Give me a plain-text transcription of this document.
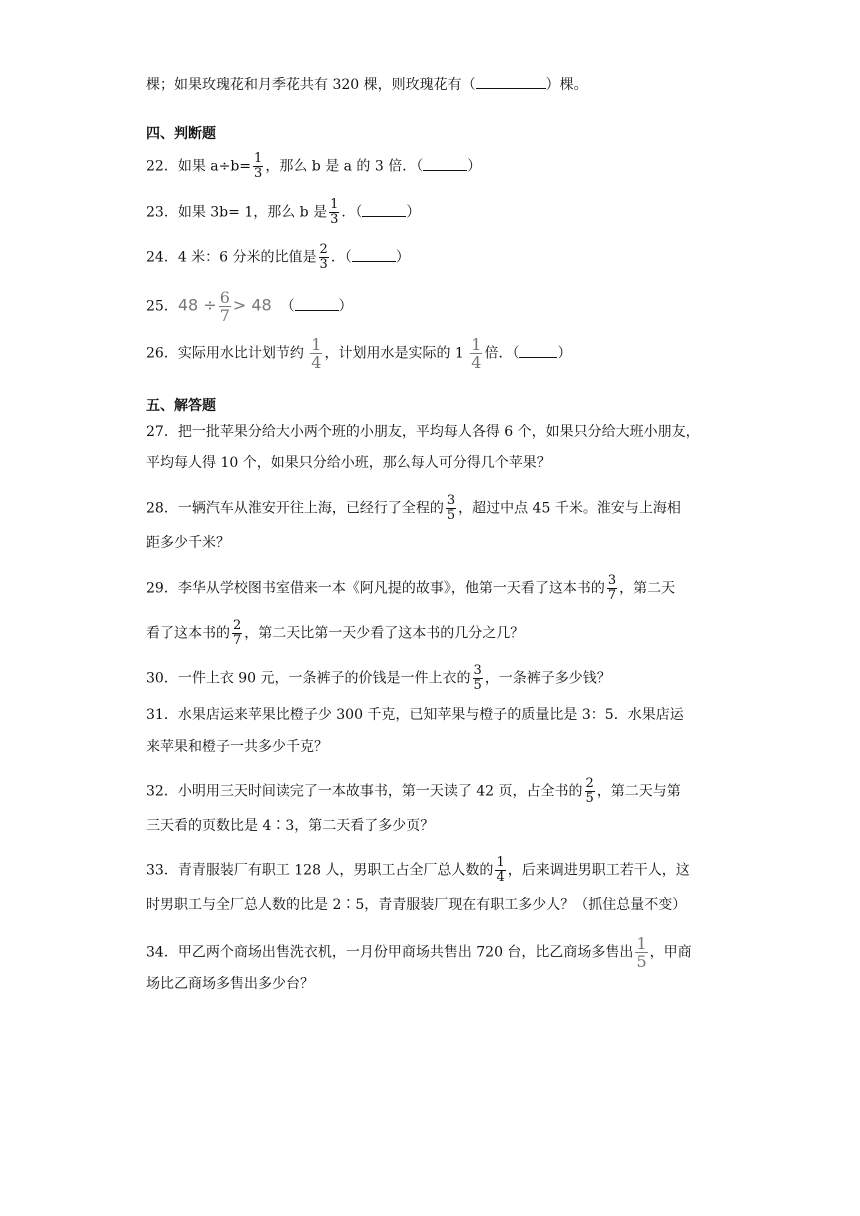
棵；如果玫瑰花和月季花共有 320 棵，则玫瑰花有（	）棵。
四、判断题
22．如果 $a\div b= \frac{1}{3}$ ，那么 b 是 a 的 3 倍．（	）
23．如果 3b= 1，那么 b 是 $\frac{1}{3}$ ．（	）
24．4 米：6 分米的比值是 $\frac{2}{3}$ ．（	）
25．$48 \div \frac{6}{7} > 48$ （	）
26．实际用水比计划节约 $\frac{1}{4}$ ，计划用水是实际的 $1 \frac{1}{4}$ 倍．（	）
五、解答题
27．把一批苹果分给大小两个班的小朋友，平均每人各得 6 个，如果只分给大班小朋友，
平均每人得 10 个，如果只分给小班，那么每人可分得几个苹果？
28．一辆汽车从淮安开往上海，已经行了全程的 $\frac{3}{5}$ ，超过中点 45 千米。淮安与上海相
距多少千米？
29．李华从学校图书室借来一本《阿凡提的故事》，他第一天看了这本书的 $\frac{3}{7}$ ，第二天
看了这本书的 $\frac{2}{7}$ ，第二天比第一天少看了这本书的几分之几？
30．一件上衣 90 元，一条裤子的价钱是一件上衣的 $\frac{3}{5}$ ，一条裤子多少钱？
31．水果店运来苹果比橙子少 300 千克，已知苹果与橙子的质量比是 3：5．水果店运
来苹果和橙子一共多少千克？
32．小明用三天时间读完了一本故事书，第一天读了 42 页，占全书的 $\frac{2}{5}$ ，第二天与第
三天看的页数比是 4∶3，第二天看了多少页？
33．青青服装厂有职工 128 人，男职工占全厂总人数的 $\frac{1}{4}$ ，后来调进男职工若干人，这
时男职工与全厂总人数的比是 2∶5，青青服装厂现在有职工多少人？（抓住总量不变）
34．甲乙两个商场出售洗衣机，一月份甲商场共售出 720 台，比乙商场多售出 $\frac{1}{5}$ ，甲商
场比乙商场多售出多少台？
